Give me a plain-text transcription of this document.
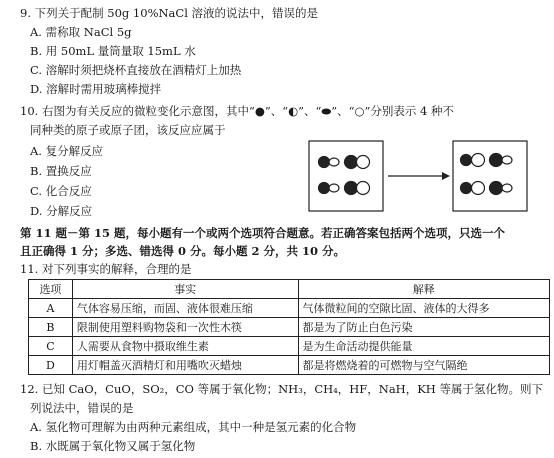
9. 下列关于配制 50g 10%NaCl 溶液的说法中，错误的是
A. 需称取 NaCl 5g
B. 用 50mL 量筒量取 15mL 水
C. 溶解时须把烧杯直接放在酒精灯上加热
D. 溶解时需用玻璃棒搅拌
10. 右图为有关反应的微粒变化示意图，其中“●”、“◐”、“⬬”、“○”分别表示 4 种不
同种类的原子或原子团，该反应应属于
A. 复分解反应
B. 置换反应
C. 化合反应
D. 分解反应
第 11 题－第 15 题，每小题有一个或两个选项符合题意。若正确答案包括两个选项，只选一个
且正确得 1 分；多选、错选得 0 分。每小题 2 分，共 10 分。
11. 对下列事实的解释，合理的是
选项	事实	解释
A	气体容易压缩，而固、液体很难压缩	气体微粒间的空隙比固、液体的大得多
B	限制使用塑料购物袋和一次性木筷	都是为了防止白色污染
C	人需要从食物中摄取维生素	是为生命活动提供能量
D	用灯帽盖灭酒精灯和用嘴吹灭蜡烛	都是将燃烧着的可燃物与空气隔绝
12. 已知 CaO，CuO，SO₂，CO 等属于氧化物；NH₃，CH₄，HF，NaH，KH 等属于氢化物。则下
列说法中，错误的是
A. 氢化物可理解为由两种元素组成，其中一种是氢元素的化合物
B. 水既属于氧化物又属于氢化物
